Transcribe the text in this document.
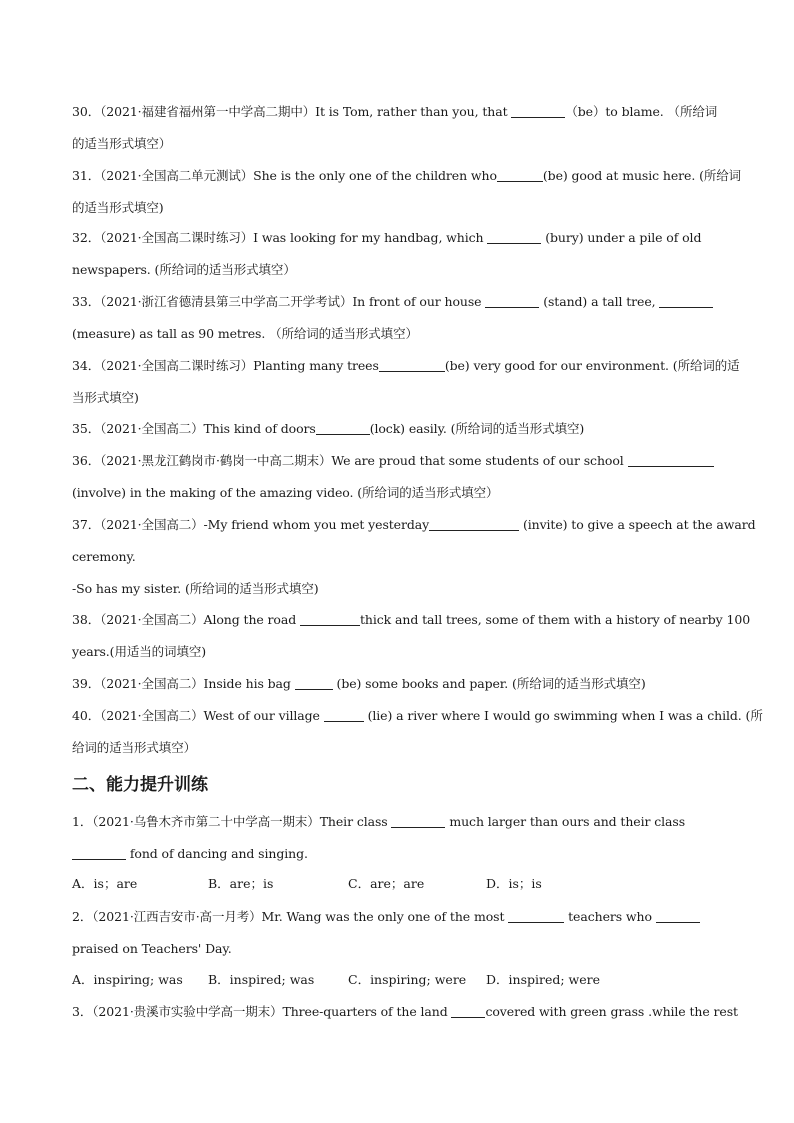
30．（2021·福建省福州第一中学高二期中）It is Tom, rather than you, that	（be）to blame. （所给词
的适当形式填空）
31．（2021·全国高二单元测试）She is the only one of the children who	(be) good at music here. (所给词
的适当形式填空)
32．（2021·全国高二课时练习）I was looking for my handbag, which	(bury) under a pile of old
newspapers. (所给词的适当形式填空）
33．（2021·浙江省德清县第三中学高二开学考试）In front of our house	(stand) a tall tree,
(measure) as tall as 90 metres. （所给词的适当形式填空）
34．（2021·全国高二课时练习）Planting many trees	(be) very good for our environment. (所给词的适
当形式填空)
35．（2021·全国高二）This kind of doors	(lock) easily. (所给词的适当形式填空)
36．（2021·黑龙江鹤岗市·鹤岗一中高二期末）We are proud that some students of our school
(involve) in the making of the amazing video. (所给词的适当形式填空）
37．（2021·全国高二）-My friend whom you met yesterday	(invite) to give a speech at the award
ceremony.
-So has my sister. (所给词的适当形式填空)
38．（2021·全国高二）Along the road	thick and tall trees, some of them with a history of nearby 100
years.(用适当的词填空)
39．（2021·全国高二）Inside his bag	(be) some books and paper. (所给词的适当形式填空)
40．（2021·全国高二）West of our village	(lie) a river where I would go swimming when I was a child. (所
给词的适当形式填空）
二、能力提升训练
1．（2021·乌鲁木齐市第二十中学高一期末）Their class	much larger than ours and their class
fond of dancing and singing.
A．is；are	B．are；is	C．are；are	D．is；is
2．（2021·江西吉安市·高一月考）Mr. Wang was the only one of the most	teachers who
praised on Teachers' Day.
A．inspiring; was B．inspired; was	C．inspiring; were D．inspired; were
3．（2021·贵溪市实验中学高一期末）Three-quarters of the land	covered with green grass .while the rest
